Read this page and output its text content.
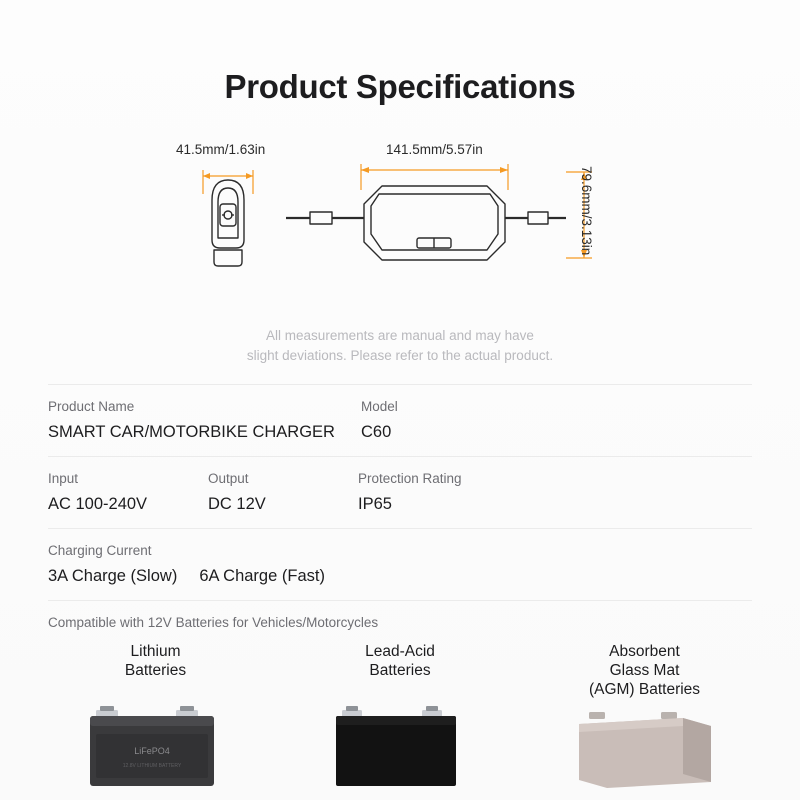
Product Specifications
41.5mm/1.63in	141.5mm/5.57in
79.6mm/3.13in
All measurements are manual and may have
slight deviations. Please refer to the actual product.
Product Name
SMART CAR/MOTORBIKE CHARGER
Model
C60
Input
AC 100-240V
Output
DC 12V
Protection Rating
IP65
Charging Current
3A Charge (Slow) 6A Charge (Fast)
Compatible with 12V Batteries for Vehicles/Motorcycles
Lithium
Batteries
LiFePO4
12.8V LITHIUM BATTERY
Lead-Acid
Batteries
Absorbent
Glass Mat
(AGM) Batteries
